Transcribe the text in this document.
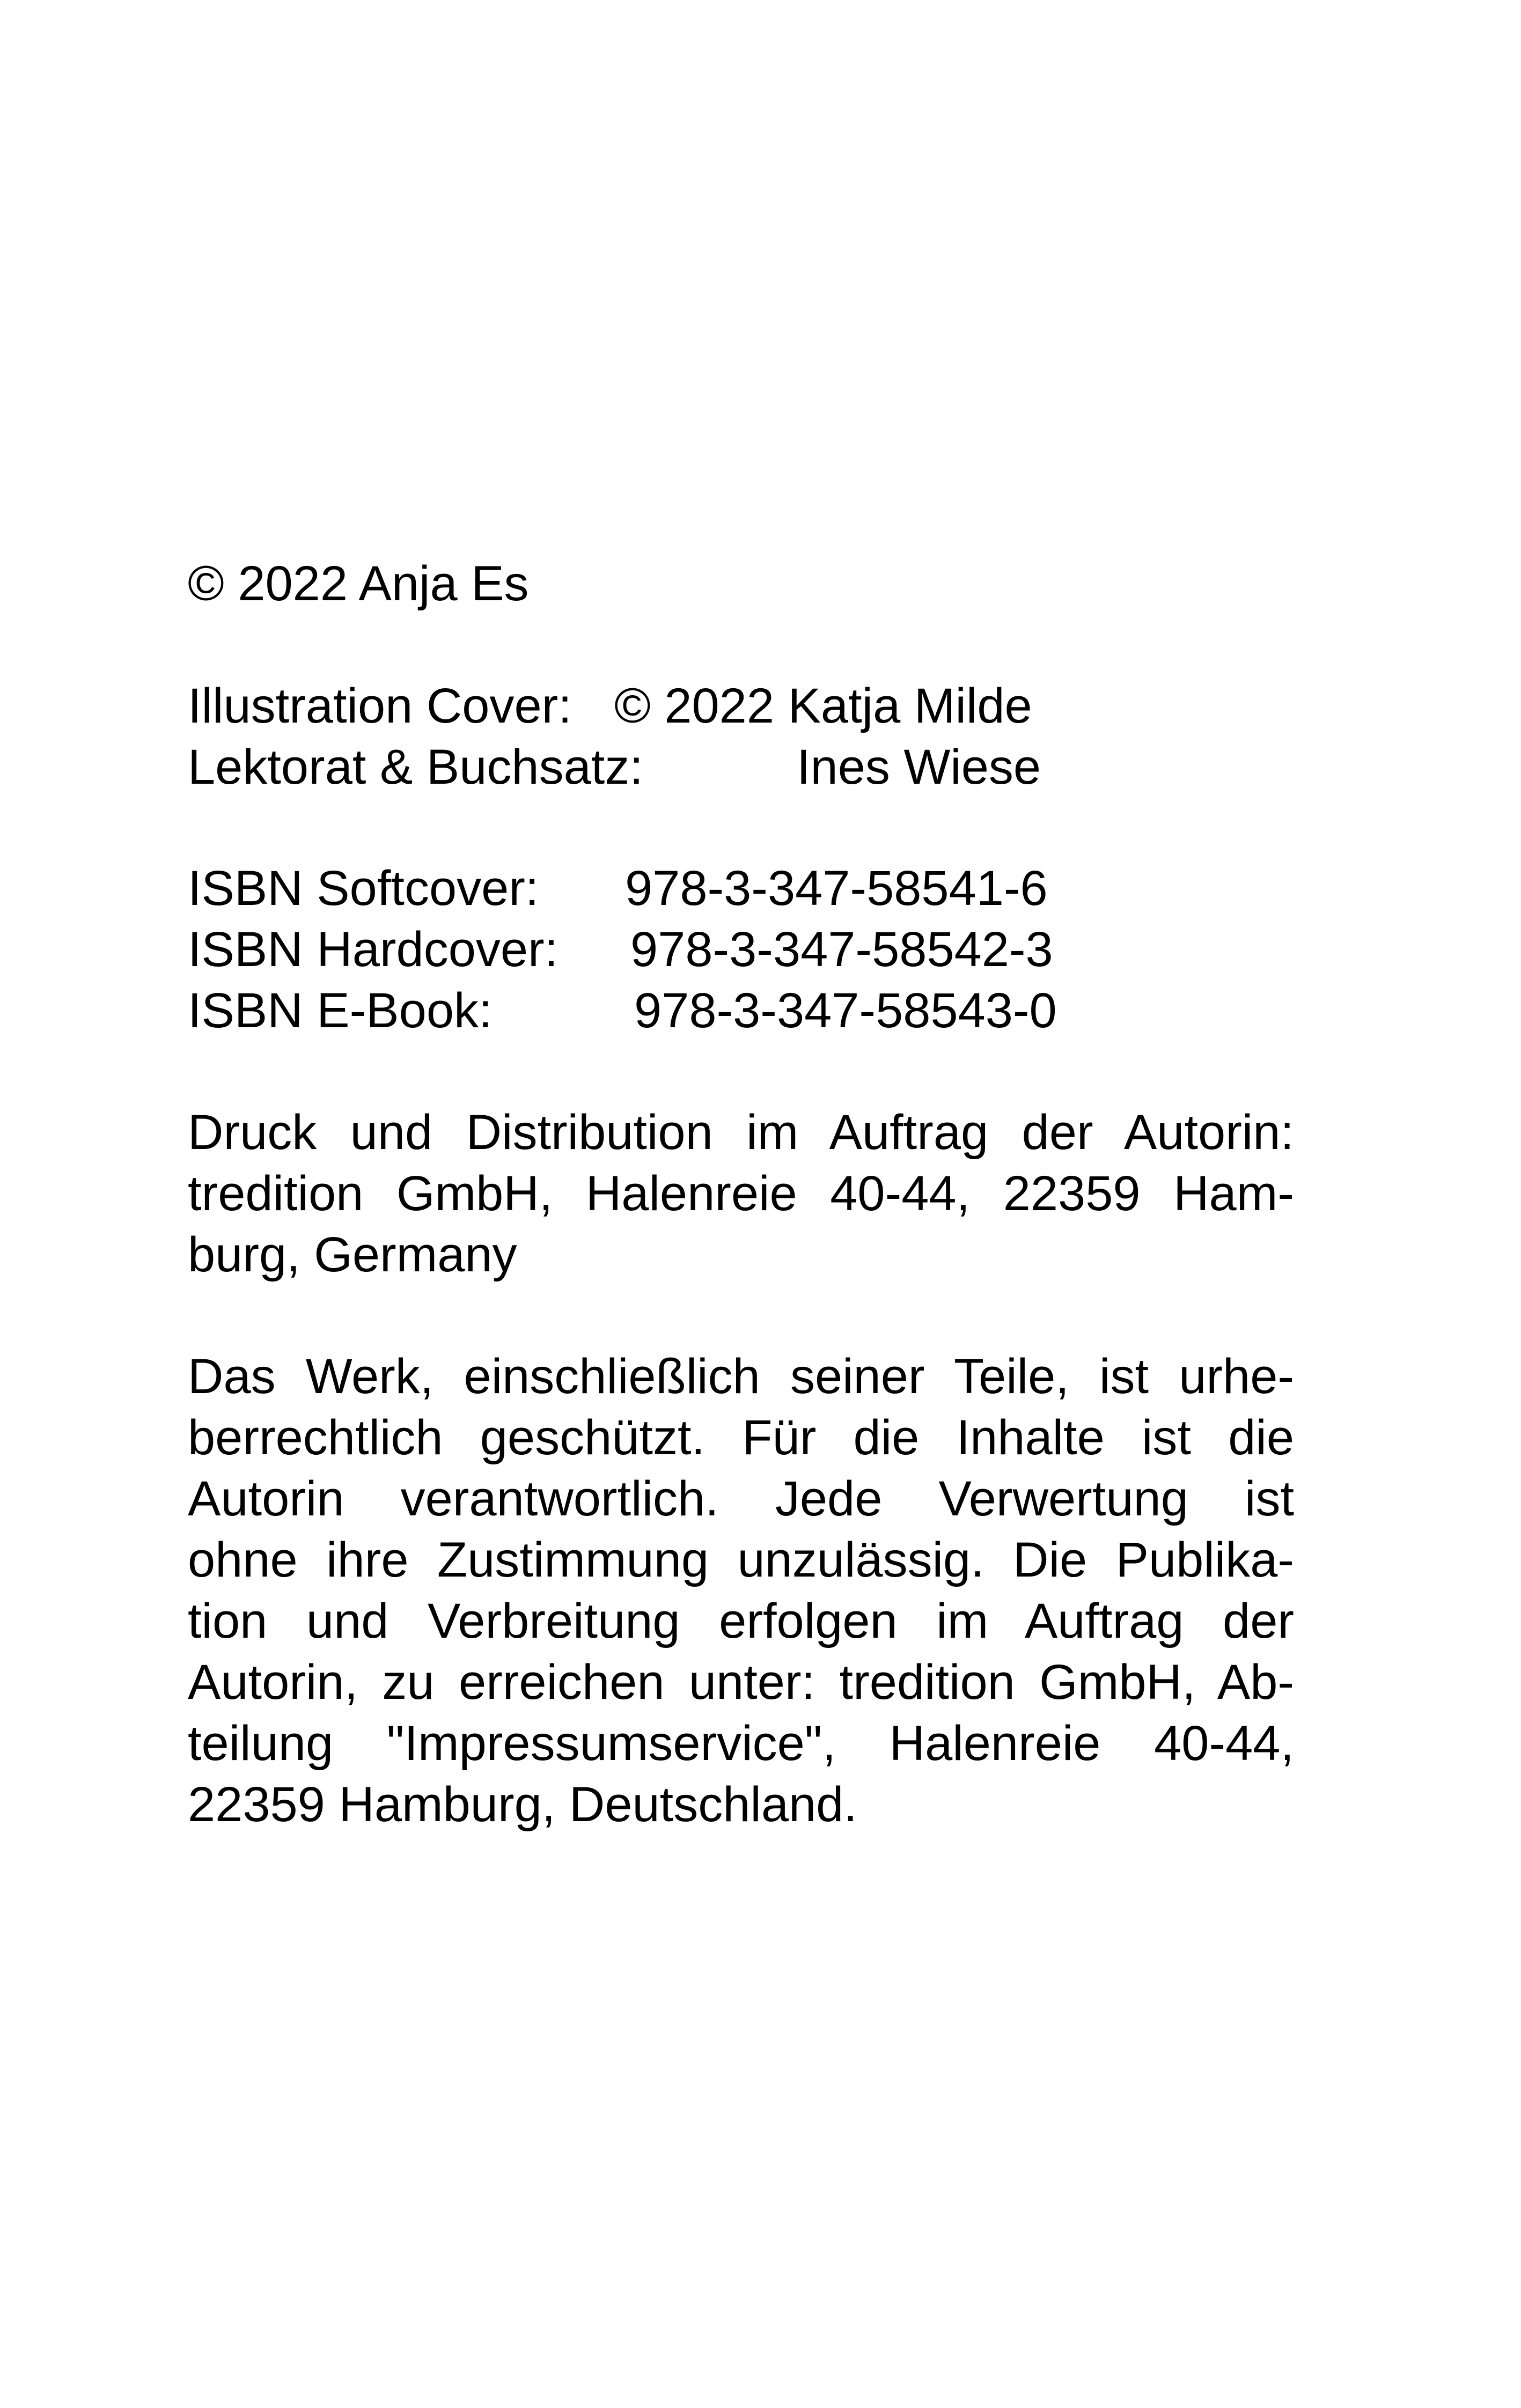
© 2022 Anja Es
Illustration Cover: © 2022 Katja Milde
Lektorat & Buchsatz:	Ines Wiese
ISBN Softcover: 978-3-347-58541-6
ISBN Hardcover: 978-3-347-58542-3
ISBN E-Book:	978-3-347-58543-0
Druck und Distribution im Auftrag der Autorin:
tredition GmbH, Halenreie 40-44, 22359 Ham-
burg, Germany
Das Werk, einschließlich seiner Teile, ist urhe-
berrechtlich geschützt. Für die Inhalte ist die
Autorin verantwortlich. Jede Verwertung ist
ohne ihre Zustimmung unzulässig. Die Publika-
tion und Verbreitung erfolgen im Auftrag der
Autorin, zu erreichen unter: tredition GmbH, Ab-
teilung "Impressumservice", Halenreie 40-44,
22359 Hamburg, Deutschland.
